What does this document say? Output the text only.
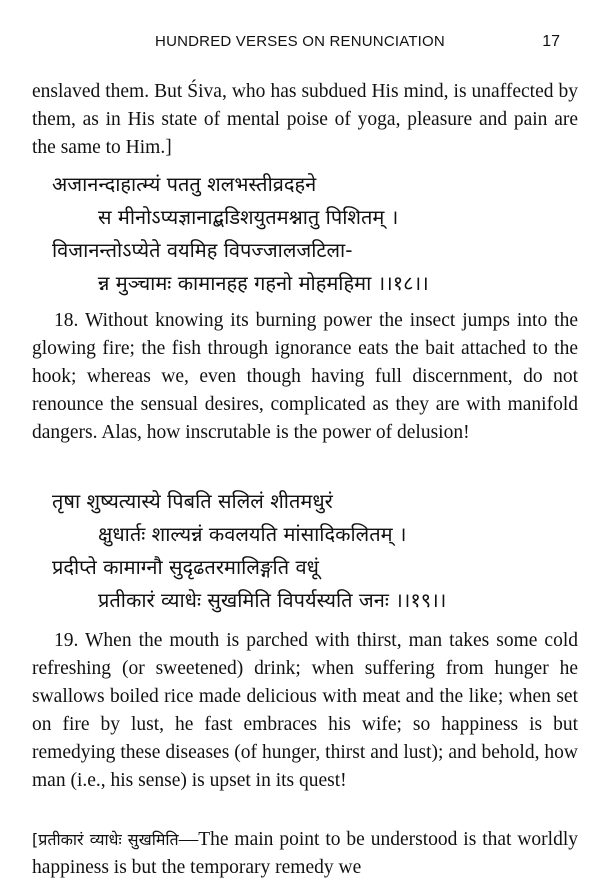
HUNDRED VERSES ON RENUNCIATION	17
enslaved them. But Śiva, who has subdued His mind, is unaffected by them, as in His state of mental poise of yoga, pleasure and pain are the same to Him.]
अजानन्दाहात्म्यं पततु शलभस्तीव्रदहने
स मीनोऽप्यज्ञानाद्बडिशयुतमश्नातु पिशितम् ।
विजानन्तोऽप्येते वयमिह विपज्जालजटिला-
न्न मुञ्चामः कामानहह गहनो मोहमहिमा ।।१८।।
18. Without knowing its burning power the insect jumps into the glowing fire; the fish through ignorance eats the bait attached to the hook; whereas we, even though having full discernment, do not renounce the sensual desires, complicated as they are with manifold dangers. Alas, how inscrutable is the power of delusion!
तृषा शुष्यत्यास्ये पिबति सलिलं शीतमधुरं
क्षुधार्तः शाल्यन्नं कवलयति मांसादिकलितम् ।
प्रदीप्ते कामाग्नौ सुदृढतरमालिङ्गति वधूं
प्रतीकारं व्याधेः सुखमिति विपर्यस्यति जनः ।।१९।।
19. When the mouth is parched with thirst, man takes some cold refreshing (or sweetened) drink; when suffering from hunger he swallows boiled rice made delicious with meat and the like; when set on fire by lust, he fast embraces his wife; so happiness is but remedying these diseases (of hunger, thirst and lust); and behold, how man (i.e., his sense) is upset in its quest!
[प्रतीकारं व्याधेः सुखमिति—The main point to be understood is that worldly happiness is but the temporary remedy we
